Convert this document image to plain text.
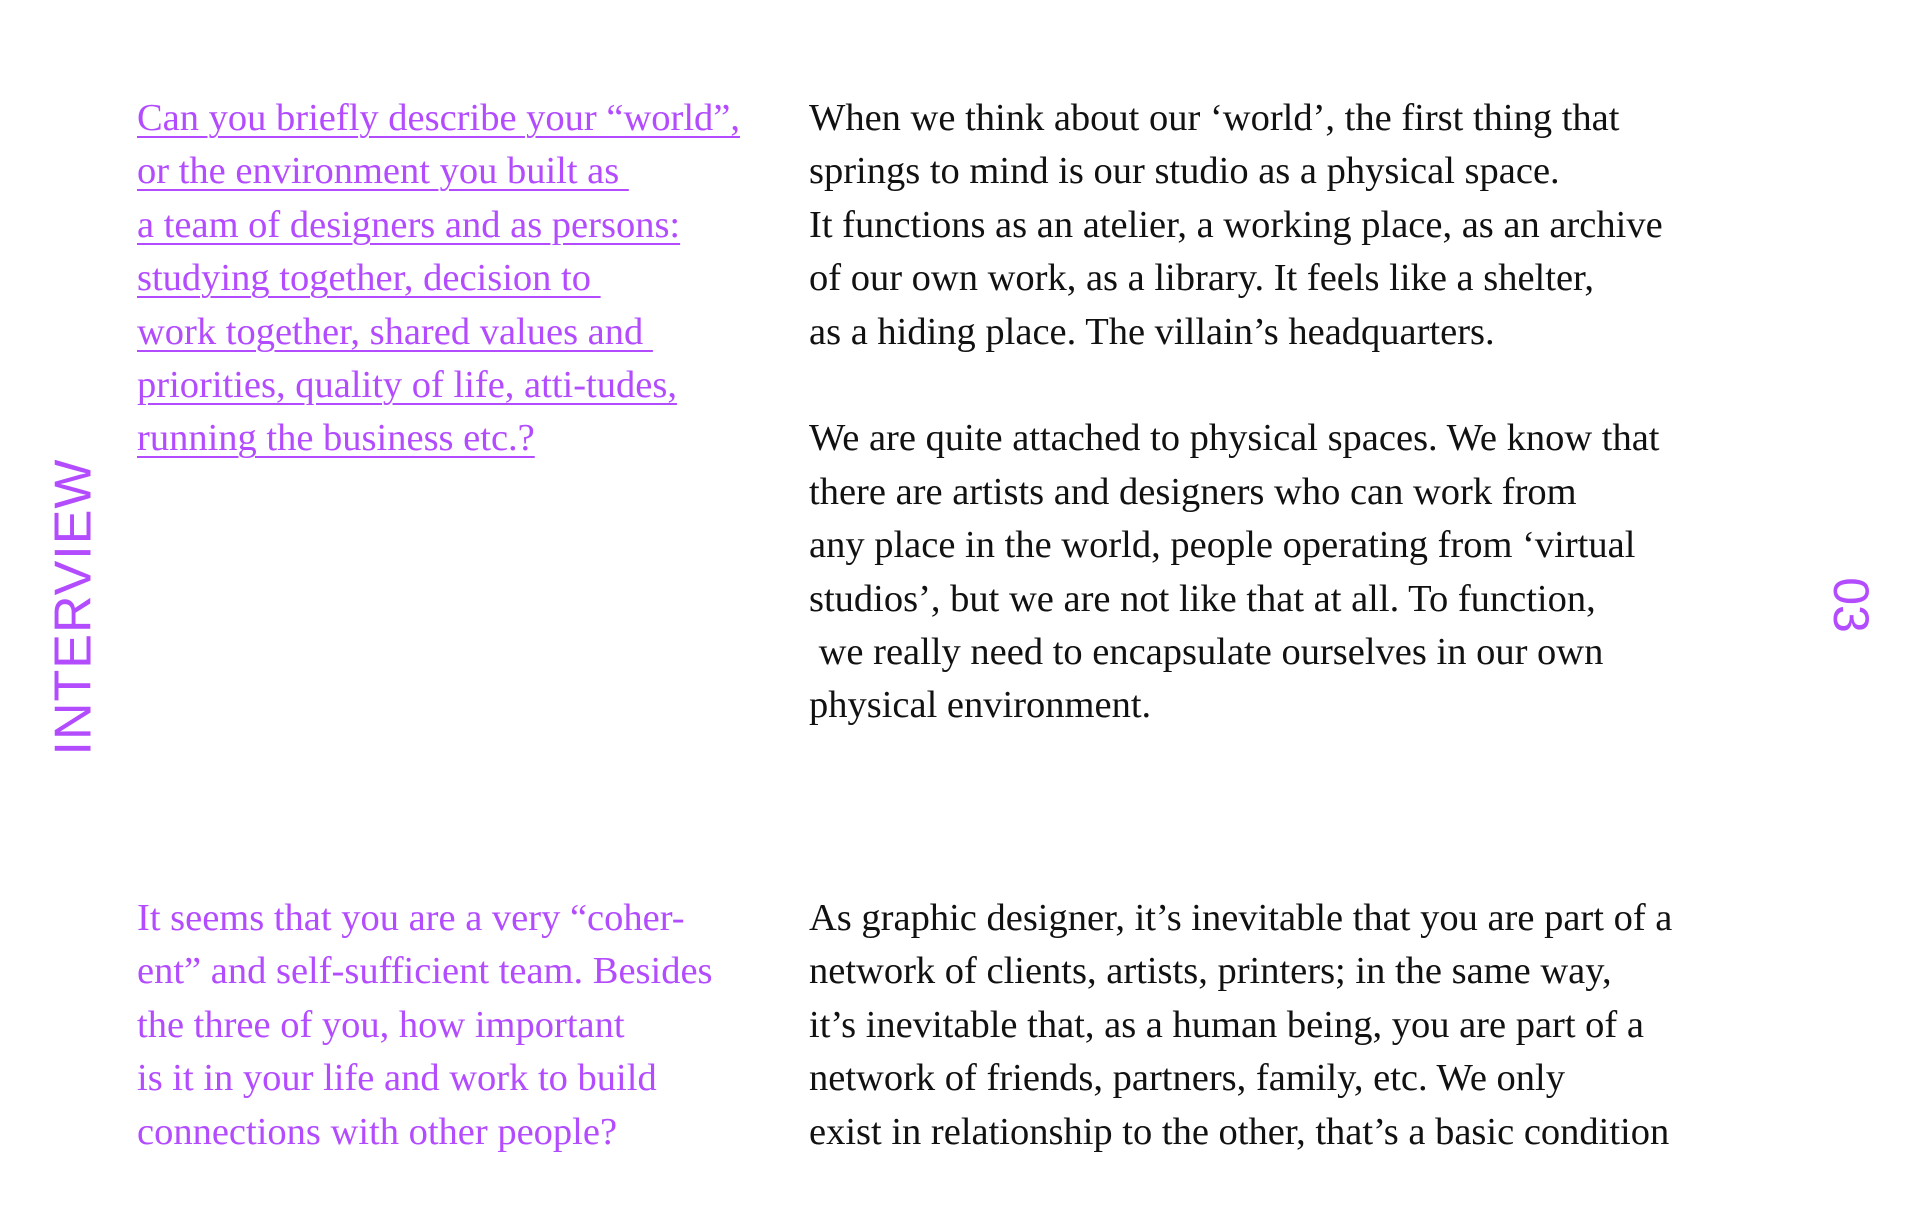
INTERVIEW	03
Can you briefly describe your “world”,
or the environment you built as
a team of designers and as persons:
studying together, decision to
work together, shared values and
priorities, quality of life, atti-tudes,
running the business etc.?
When we think about our ‘world’, the first thing that
springs to mind is our studio as a physical space.
It functions as an atelier, a working place, as an archive
of our own work, as a library. It feels like a shelter,
as a hiding place. The villain’s headquarters.
We are quite attached to physical spaces. We know that
there are artists and designers who can work from
any place in the world, people operating from ‘virtual
studios’, but we are not like that at all. To function,
we really need to encapsulate ourselves in our own
physical environment.
It seems that you are a very “coher-
ent” and self-sufficient team. Besides
the three of you, how important
is it in your life and work to build
connections with other people?
As graphic designer, it’s inevitable that you are part of a
network of clients, artists, printers; in the same way,
it’s inevitable that, as a human being, you are part of a
network of friends, partners, family, etc. We only
exist in relationship to the other, that’s a basic condition
